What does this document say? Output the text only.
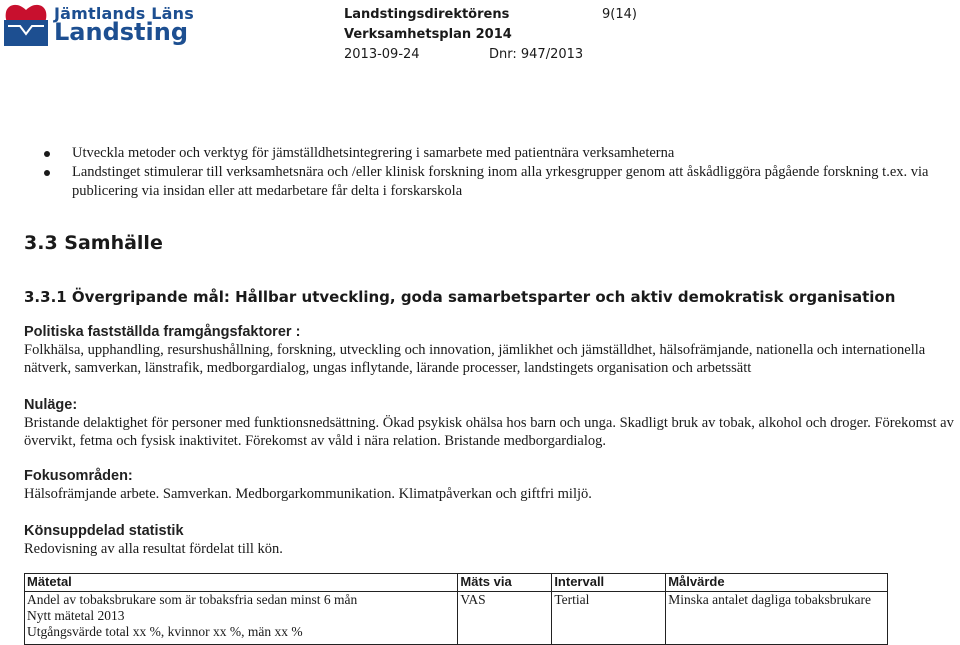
Jämtlands Läns
Landsting
Landstingsdirektörens	9(14)
Verksamhetsplan 2014
2013-09-24	Dnr: 947/2013
Utveckla metoder och verktyg för jämställdhetsintegrering i samarbete med patientnära verksamheterna
Landstinget stimulerar till verksamhetsnära och /eller klinisk forskning inom alla yrkesgrupper genom att åskådliggöra pågående forskning t.ex. via publicering via insidan eller att medarbetare får delta i forskarskola
3.3 Samhälle
3.3.1 Övergripande mål: Hållbar utveckling, goda samarbetsparter och aktiv demokratisk organisation
Politiska fastställda framgångsfaktorer :
Folkhälsa, upphandling, resurshushållning, forskning, utveckling och innovation, jämlikhet och jämställdhet, hälsofrämjande, nationella och internationella nätverk, samverkan, länstrafik, medborgardialog, ungas inflytande, lärande processer, landstingets organisation och arbetssätt
Nuläge:
Bristande delaktighet för personer med funktionsnedsättning. Ökad psykisk ohälsa hos barn och unga. Skadligt bruk av tobak, alkohol och droger. Förekomst av övervikt, fetma och fysisk inaktivitet. Förekomst av våld i nära relation. Bristande medborgardialog.
Fokusområden:
Hälsofrämjande arbete. Samverkan. Medborgarkommunikation. Klimatpåverkan och giftfri miljö.
Könsuppdelad statistik
Redovisning av alla resultat fördelat till kön.
Mätetal	Mäts via	Intervall	Målvärde

Andel av tobaksbrukare som är tobaksfria sedan minst 6 mån
Nytt mätetal 2013
Utgångsvärde total xx %, kvinnor xx %, män xx %	VAS	Tertial	Minska antalet dagliga tobaksbrukare
